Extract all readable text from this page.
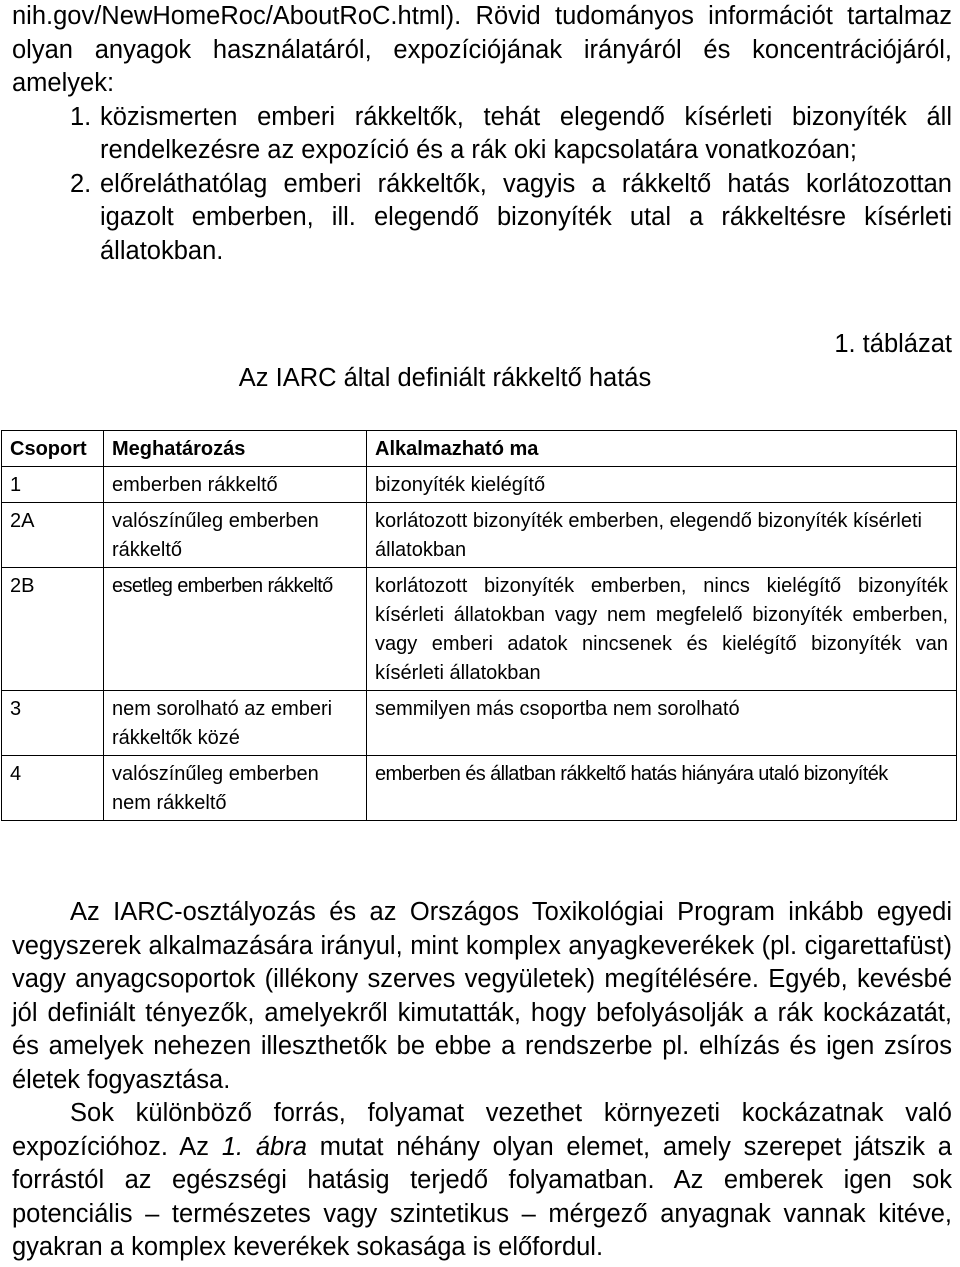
nih.gov/NewHomeRoc/AboutRoC.html). Rövid tudományos információt tartalmaz olyan anyagok használatáról, expozíciójának irányáról és koncentrációjáról, amelyek:

1. közismerten emberi rákkeltők, tehát elegendő kísérleti bizonyíték áll rendelkezésre az expozíció és a rák oki kapcsolatára vonatkozóan;
2. előreláthatólag emberi rákkeltők, vagyis a rákkeltő hatás korlátozottan igazolt emberben, ill. elegendő bizonyíték utal a rákkeltésre kísérleti állatokban.
1. táblázat
Az IARC által definiált rákkeltő hatás
Csoport	Meghatározás	Alkalmazható ma
1	emberben rákkeltő	bizonyíték kielégítő
2A	valószínűleg emberben rákkeltő	korlátozott bizonyíték emberben, elegendő bizonyíték kísérleti állatokban
2B	esetleg emberben rákkeltő	korlátozott bizonyíték emberben, nincs kielégítő bizonyíték kísérleti állatokban vagy nem megfelelő bizonyíték emberben, vagy emberi adatok nincsenek és kielégítő bizonyíték van kísérleti állatokban
3	nem sorolható az emberi rákkeltők közé	semmilyen más csoportba nem sorolható
4	valószínűleg emberben nem rákkeltő	emberben és állatban rákkeltő hatás hiányára utaló bizonyíték

Az IARC-osztályozás és az Országos Toxikológiai Program inkább egyedi vegyszerek alkalmazására irányul, mint komplex anyagkeverékek (pl. cigarettafüst) vagy anyagcsoportok (illékony szerves vegyületek) megítélésére. Egyéb, kevésbé jól definiált tényezők, amelyekről kimutatták, hogy befolyásolják a rák kockázatát, és amelyek nehezen illeszthetők be ebbe a rendszerbe pl. elhízás és igen zsíros életek fogyasztása.

Sok különböző forrás, folyamat vezethet környezeti kockázatnak való expozícióhoz. Az 1. ábra mutat néhány olyan elemet, amely szerepet játszik a forrástól az egészségi hatásig terjedő folyamatban. Az emberek igen sok potenciális – természetes vagy szintetikus – mérgező anyagnak vannak kitéve, gyakran a komplex keverékek sokasága is előfordul.
